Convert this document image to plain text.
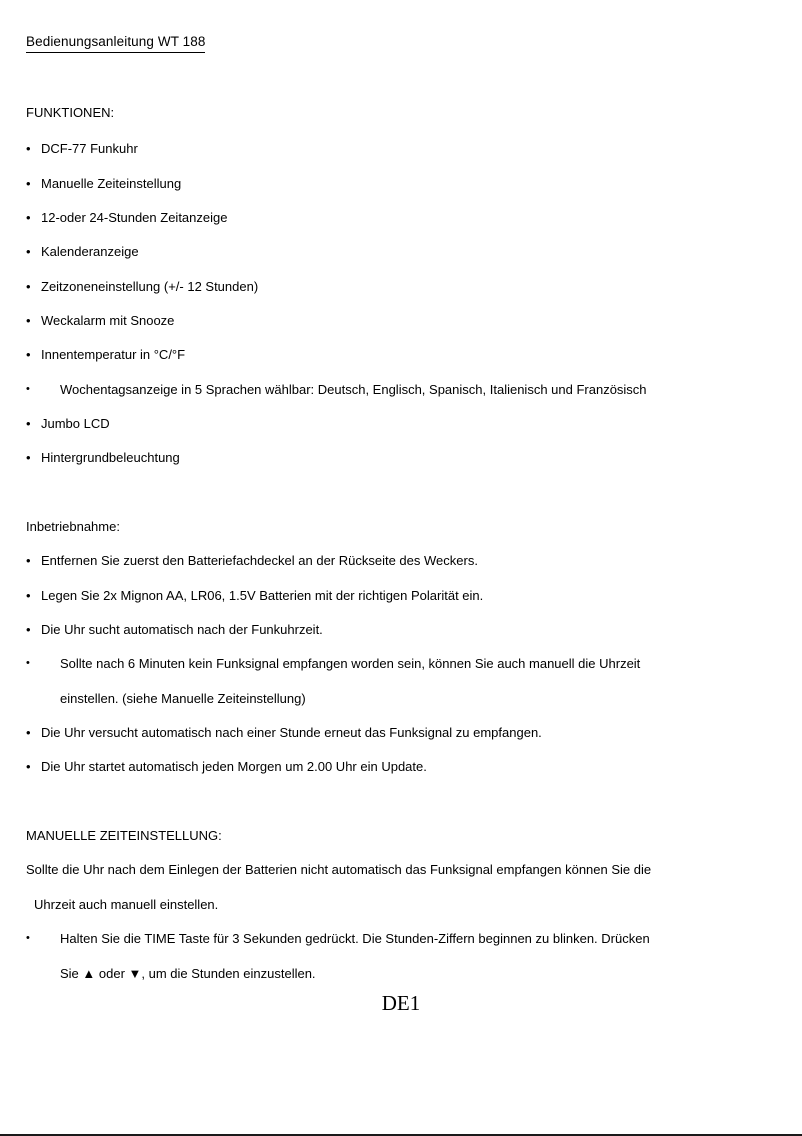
Bedienungsanleitung WT 188
FUNKTIONEN:
• DCF-77 Funkuhr
• Manuelle Zeiteinstellung
• 12-oder 24-Stunden Zeitanzeige
• Kalenderanzeige
• Zeitzoneneinstellung (+/- 12 Stunden)
• Weckalarm mit Snooze
• Innentemperatur in °C/°F
•	Wochentagsanzeige in 5 Sprachen wählbar: Deutsch, Englisch, Spanisch, Italienisch und Französisch
• Jumbo LCD
• Hintergrundbeleuchtung
Inbetriebnahme:
• Entfernen Sie zuerst den Batteriefachdeckel an der Rückseite des Weckers.
• Legen Sie 2x Mignon AA, LR06, 1.5V Batterien mit der richtigen Polarität ein.
• Die Uhr sucht automatisch nach der Funkuhrzeit.
•	Sollte nach 6 Minuten kein Funksignal empfangen worden sein, können Sie auch manuell die Uhrzeit
einstellen. (siehe Manuelle Zeiteinstellung)
• Die Uhr versucht automatisch nach einer Stunde erneut das Funksignal zu empfangen.
• Die Uhr startet automatisch jeden Morgen um 2.00 Uhr ein Update.
MANUELLE ZEITEINSTELLUNG:
Sollte die Uhr nach dem Einlegen der Batterien nicht automatisch das Funksignal empfangen können Sie die
Uhrzeit auch manuell einstellen.
•	Halten Sie die TIME Taste für 3 Sekunden gedrückt. Die Stunden-Ziffern beginnen zu blinken. Drücken
Sie ▲ oder ▼, um die Stunden einzustellen.
DE1
